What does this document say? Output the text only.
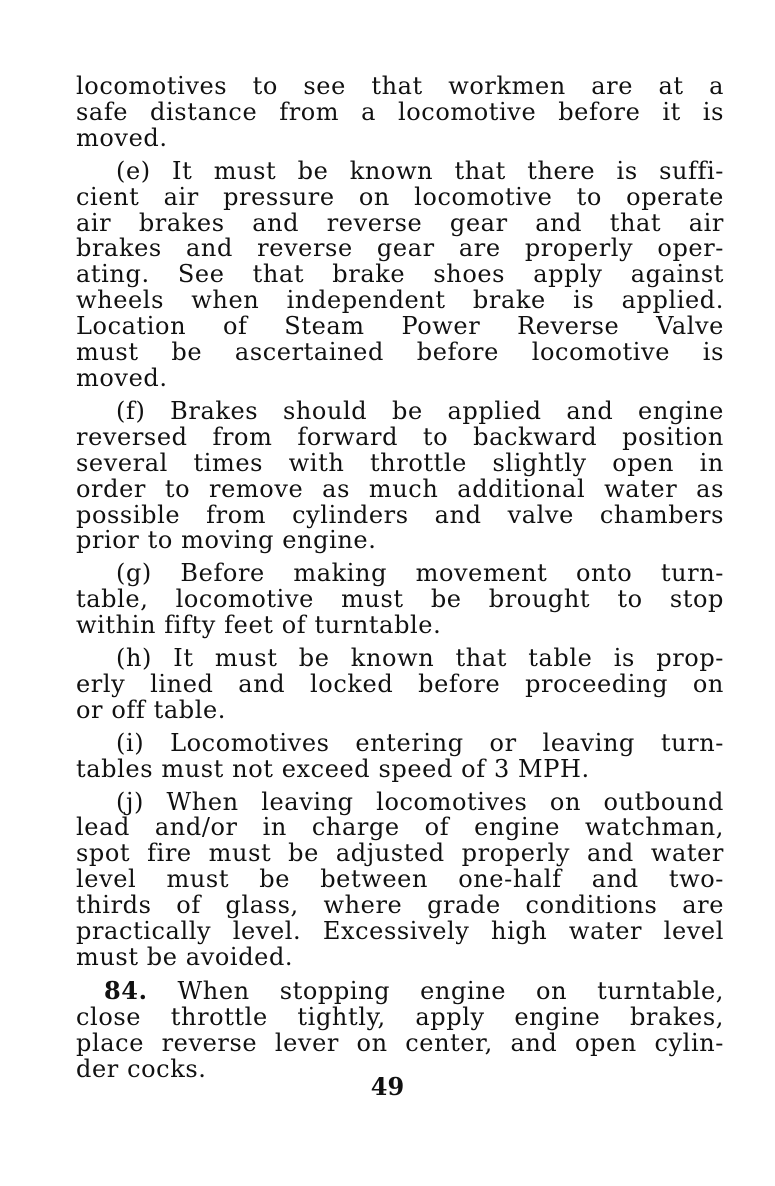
locomotives to see that workmen are at a
safe distance from a locomotive before it is
moved.
(e) It must be known that there is suffi-
cient air pressure on locomotive to operate
air brakes and reverse gear and that air
brakes and reverse gear are properly oper-
ating. See that brake shoes apply against
wheels when independent brake is applied.
Location of Steam Power Reverse Valve
must be ascertained before locomotive is
moved.
(f) Brakes should be applied and engine
reversed from forward to backward position
several times with throttle slightly open in
order to remove as much additional water as
possible from cylinders and valve chambers
prior to moving engine.
(g) Before making movement onto turn-
table, locomotive must be brought to stop
within fifty feet of turntable.
(h) It must be known that table is prop-
erly lined and locked before proceeding on
or off table.
(i) Locomotives entering or leaving turn-
tables must not exceed speed of 3 MPH.
(j) When leaving locomotives on outbound
lead and/or in charge of engine watchman,
spot fire must be adjusted properly and water
level must be between one-half and two-
thirds of glass, where grade conditions are
practically level. Excessively high water level
must be avoided.
84. When stopping engine on turntable,
close throttle tightly, apply engine brakes,
place reverse lever on center, and open cylin-
der cocks.
49
